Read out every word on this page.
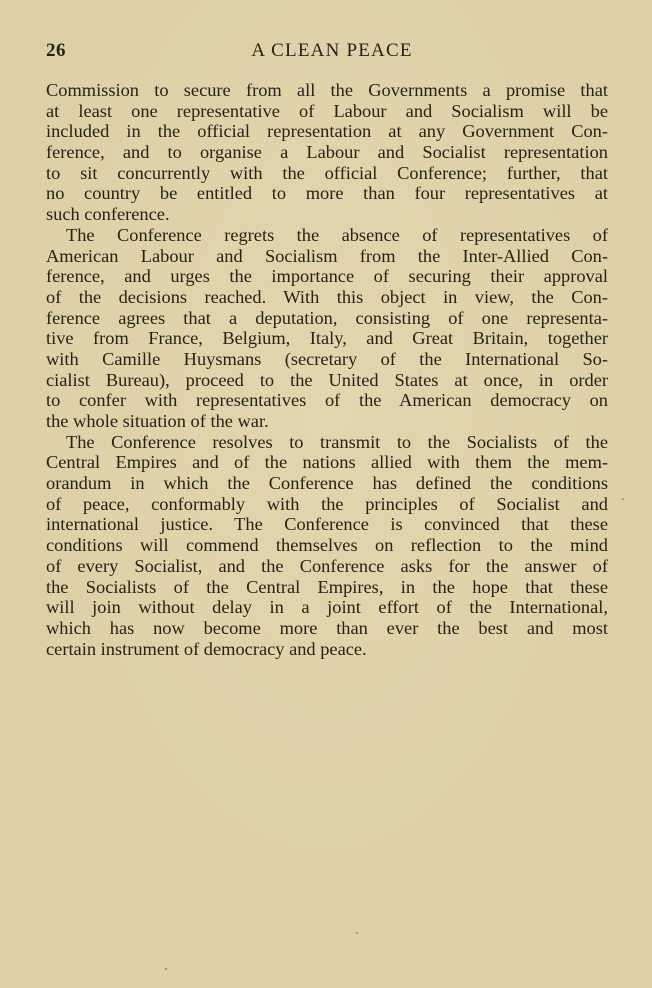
26	A CLEAN PEACE
Commission to secure from all the Governments a promise that
at least one representative of Labour and Socialism will be
included in the official representation at any Government Con-
ference, and to organise a Labour and Socialist representation
to sit concurrently with the official Conference; further, that
no country be entitled to more than four representatives at
such conference.
The Conference regrets the absence of representatives of
American Labour and Socialism from the Inter-Allied Con-
ference, and urges the importance of securing their approval
of the decisions reached. With this object in view, the Con-
ference agrees that a deputation, consisting of one representa-
tive from France, Belgium, Italy, and Great Britain, together
with Camille Huysmans (secretary of the International So-
cialist Bureau), proceed to the United States at once, in order
to confer with representatives of the American democracy on
the whole situation of the war.
The Conference resolves to transmit to the Socialists of the
Central Empires and of the nations allied with them the mem-
orandum in which the Conference has defined the conditions
of peace, conformably with the principles of Socialist and
international justice. The Conference is convinced that these
conditions will commend themselves on reflection to the mind
of every Socialist, and the Conference asks for the answer of
the Socialists of the Central Empires, in the hope that these
will join without delay in a joint effort of the International,
which has now become more than ever the best and most
certain instrument of democracy and peace.
